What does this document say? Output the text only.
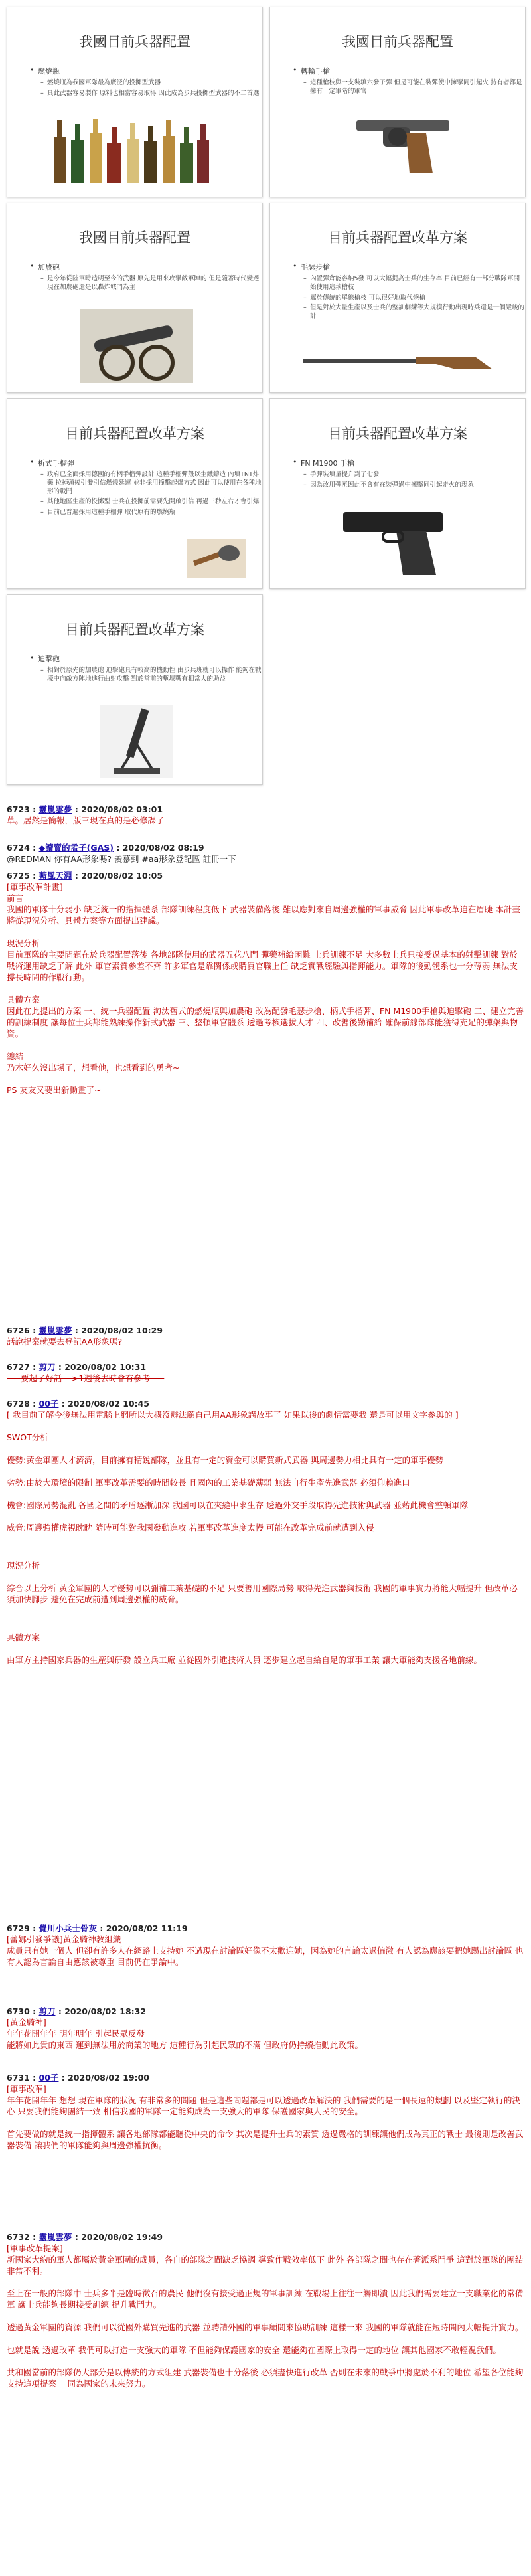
我國目前兵器配置
• 燃燒瓶
– 燃燒瓶為我國軍隊最為廣泛的投擲型武器
– 具此武器容易製作 原料也相當容易取得 因此成為步兵投擲型武器的不二首選
我國目前兵器配置
• 轉輪手槍
– 這種槍枝與一支裝填六發子彈 但是可能在裝彈使中擁擊同引起火 持有者都是擁有一定軍階的軍官
我國目前兵器配置
• 加農砲
– 是今年從陸軍時造明至今的武器 原先是用來攻擊敵軍陣的 但是隨著時代變遷 現在加農砲還是以轟炸城門為主
目前兵器配置改革方案
• 毛瑟步槍
– 內置彈倉能容納5發 可以大幅提高士兵的生存率 目前已經有一部分戰隊軍開始使用這款槍枝
– 屬於傳統的單線槍枝 可以很好地取代燒槍
– 但是對於大量生產以及士兵的整訓劇練等大規模行動出現時兵還是一個嚴峻的計
目前兵器配置改革方案
• 析式手榴彈
– 政府已全面採用德國的有柄手榴彈設計 這種手榴彈殼以生鐵鑄造 內填TNT炸藥 拉掉頭後引發引信燃燒延遲 並非採用撞擊起爆方式 因此可以使用在各種地形的戰鬥
– 其他地區生產的投擲型 士兵在投擲前需要先開啟引信 再過三秒左右才會引爆
– 目前已普遍採用這種手榴彈 取代原有的燃燒瓶
目前兵器配置改革方案
• FN M1900 手槍
– 手彈裝填量提升到了七發
– 因為改用彈匣因此不會有在裝彈過中擁擊同引起走火的現象
目前兵器配置改革方案
• 迫擊砲
– 相對於原先的加農砲 迫擊砲具有較高的機動性 由步兵班就可以操作 能夠在戰壕中向敵方陣地進行曲射攻擊 對於當前的塹壕戰有相當大的助益
6723 : 靈嵐雲夢 : 2020/08/02 03:01

草。居然是簡報，版三現在真的是必修課了

6724 : ◆讀賣的孟子(GAS) : 2020/08/02 08:19

@REDMAN 你有AA形象嗎? 羨慕到 #aa形象登記區 註冊一下

6725 : 藍風天淵 : 2020/08/02 10:05
[軍事改革計畫]
前言

我國的軍隊十分弱小 缺乏統一的指揮體系 部隊訓練程度低下 武器裝備落後 難以應對來自周邊強權的軍事威脅 因此軍事改革迫在眉睫 本計畫將從現況分析、具體方案等方面提出建議。

現況分析

目前軍隊的主要問題在於兵器配置落後 各地部隊使用的武器五花八門 彈藥補給困難 士兵訓練不足 大多數士兵只接受過基本的射擊訓練 對於戰術運用缺乏了解 此外 軍官素質參差不齊 許多軍官是靠關係或購買官職上任 缺乏實戰經驗與指揮能力。軍隊的後勤體系也十分薄弱 無法支撐長時間的作戰行動。

具體方案

因此在此提出的方案 一、統一兵器配置 淘汰舊式的燃燒瓶與加農砲 改為配發毛瑟步槍、柄式手榴彈、FN M1900手槍與迫擊砲 二、建立完善的訓練制度 讓每位士兵都能熟練操作新式武器 三、整頓軍官體系 透過考核選拔人才 四、改善後勤補給 確保前線部隊能獲得充足的彈藥與物資。

總結

乃木好久沒出場了，想看他，也想看到的勇者~

PS 友友又要出新動畫了~

6726 : 靈嵐雲夢 : 2020/08/02 10:29

話說提案就要去登記AA形象嗎?

6727 : 剪刀 : 2020/08/02 10:31

~~要起了好話~ >1週後去時會有參考~~

6728 : 00子 : 2020/08/02 10:45

[ 我目前了解今後無法用電腦上網所以大概沒辦法顧自己用AA形象講故事了 如果以後的劇情需要我 還是可以用文字參與的 ]

SWOT分析

優勢:黃金軍團人才濟濟，目前擁有精銳部隊，並且有一定的資金可以購買新式武器 與周邊勢力相比具有一定的軍事優勢

劣勢:由於大環境的限制 軍事改革需要的時間較長 且國內的工業基礎薄弱 無法自行生產先進武器 必須仰賴進口

機會:國際局勢混亂 各國之間的矛盾逐漸加深 我國可以在夾縫中求生存 透過外交手段取得先進技術與武器 並藉此機會整頓軍隊

威脅:周邊強權虎視眈眈 隨時可能對我國發動進攻 若軍事改革進度太慢 可能在改革完成前就遭到入侵

現況分析

綜合以上分析 黃金軍團的人才優勢可以彌補工業基礎的不足 只要善用國際局勢 取得先進武器與技術 我國的軍事實力將能大幅提升 但改革必須加快腳步 避免在完成前遭到周邊強權的威脅。

具體方案

由軍方主持國家兵器的生產與研發 設立兵工廠 並從國外引進技術人員 逐步建立起自給自足的軍事工業 讓大軍能夠支援各地前線。

6729 : 覺川小兵士骨灰 : 2020/08/02 11:19
[蕾娜引發爭議]黃金騎神教組織

成員只有她一個人 但卻有許多人在網路上支持她 不過現在討論區好像不太歡迎她，因為她的言論太過偏激 有人認為應該要把她踢出討論區 也有人認為言論自由應該被尊重 目前仍在爭論中。

6730 : 剪刀 : 2020/08/02 18:32
[黃金騎神]
年年花開年年 明年明年 引起民眾反發

能將如此貴的東西 運到無法用於商業的地方 這種行為引起民眾的不滿 但政府仍持續推動此政策。

6731 : 00子 : 2020/08/02 19:00
[軍事改革]

年年花開年年 想想 現在軍隊的狀況 有非常多的問題 但是這些問題都是可以透過改革解決的 我們需要的是一個長遠的規劃 以及堅定執行的決心 只要我們能夠團結一致 相信我國的軍隊一定能夠成為一支強大的軍隊 保護國家與人民的安全。

首先要做的就是統一指揮體系 讓各地部隊都能聽從中央的命令 其次是提升士兵的素質 透過嚴格的訓練讓他們成為真正的戰士 最後則是改善武器裝備 讓我們的軍隊能夠與周邊強權抗衡。

6732 : 靈嵐雲夢 : 2020/08/02 19:49
[軍事改革提案]

新國家大約的軍人都屬於黃金軍團的成員，各自的部隊之間缺乏協調 導致作戰效率低下 此外 各部隊之間也存在著派系鬥爭 這對於軍隊的團結非常不利。

至上在一般的部隊中 士兵多半是臨時徵召的農民 他們沒有接受過正規的軍事訓練 在戰場上往往一觸即潰 因此我們需要建立一支職業化的常備軍 讓士兵能夠長期接受訓練 提升戰鬥力。

透過黃金軍團的資源 我們可以從國外購買先進的武器 並聘請外國的軍事顧問來協助訓練 這樣一來 我國的軍隊就能在短時間內大幅提升實力。

也就是說 透過改革 我們可以打造一支強大的軍隊 不但能夠保護國家的安全 還能夠在國際上取得一定的地位 讓其他國家不敢輕視我們。

共和國當前的部隊仍大部分是以傳統的方式組建 武器裝備也十分落後 必須盡快進行改革 否則在未來的戰爭中將處於不利的地位 希望各位能夠支持這項提案 一同為國家的未來努力。
